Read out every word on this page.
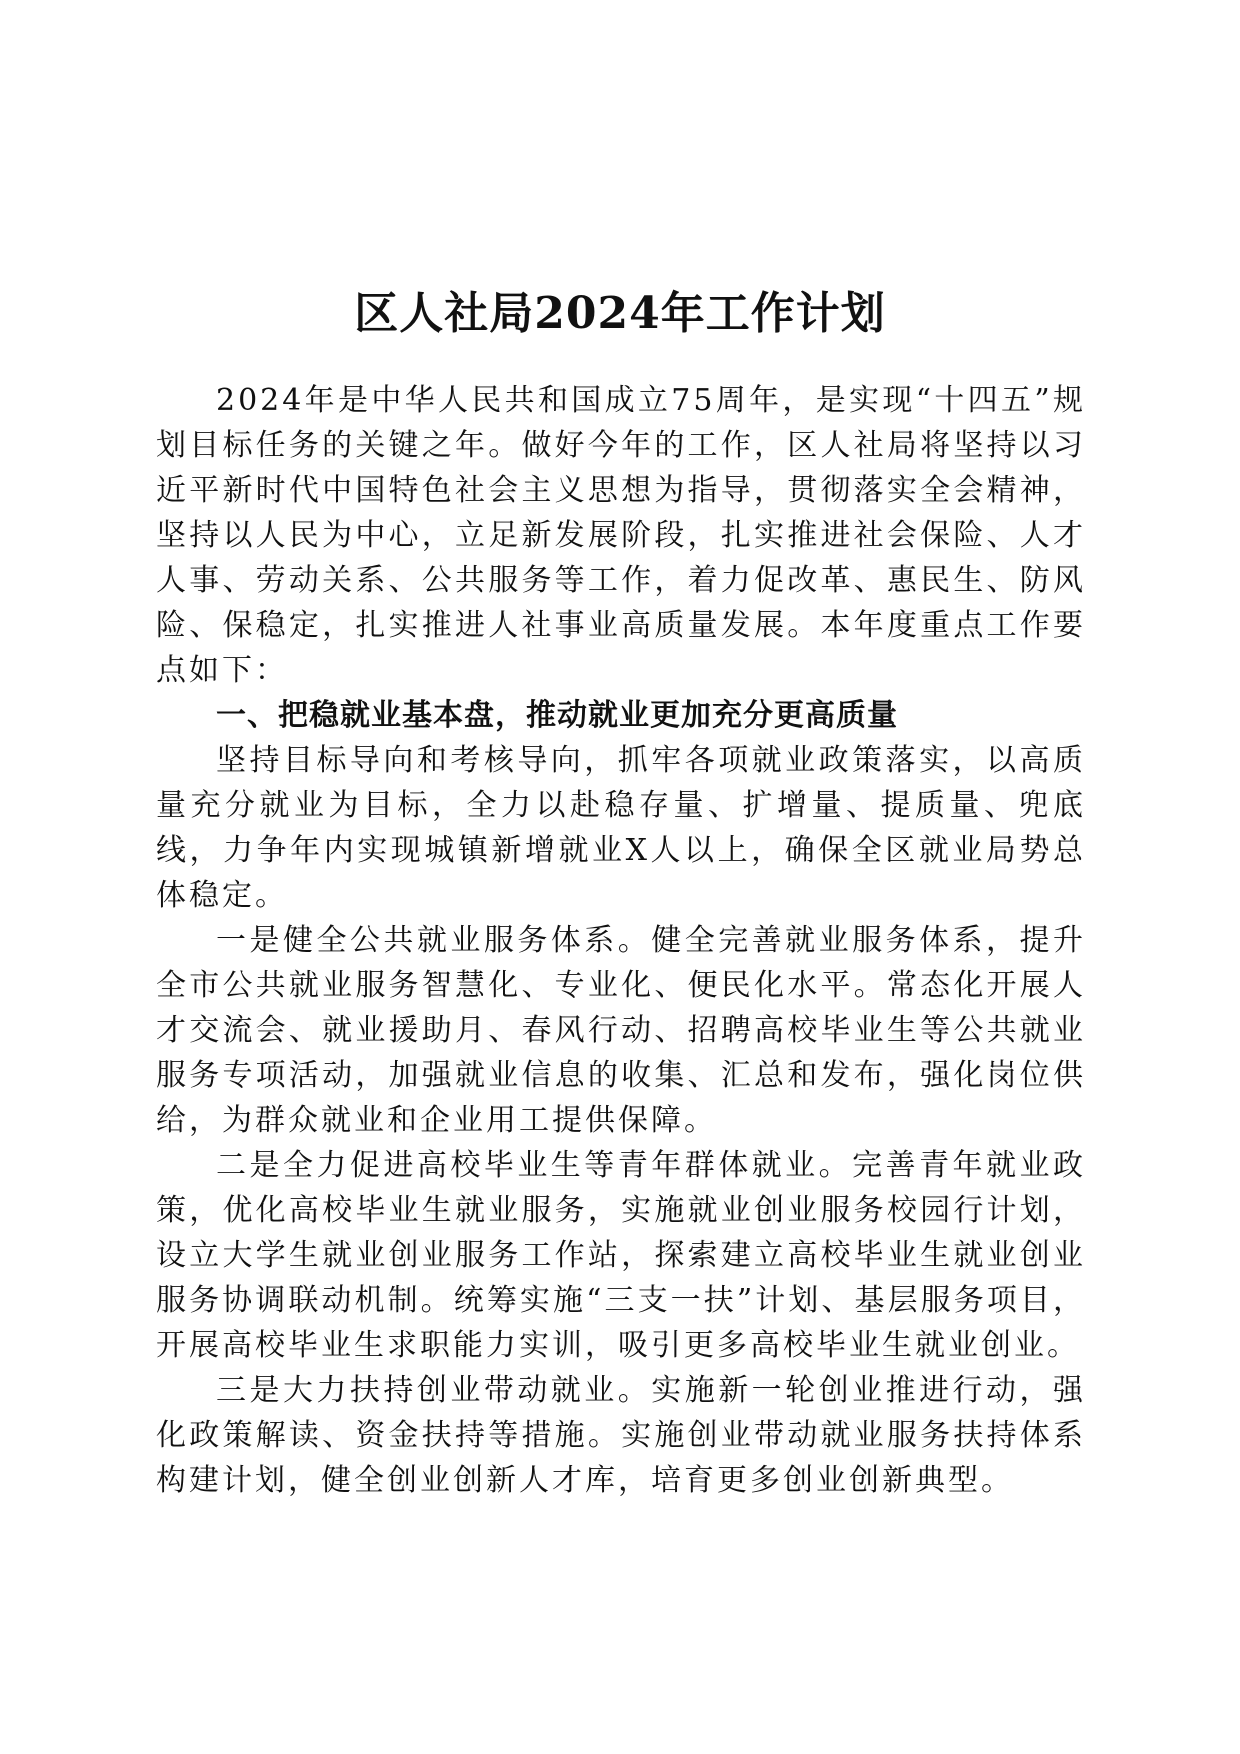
区人社局2024年工作计划

2024年是中华人民共和国成立75周年，是实现“十四五”规划目标任务的关键之年。做好今年的工作，区人社局将坚持以习近平新时代中国特色社会主义思想为指导，贯彻落实全会精神，坚持以人民为中心，立足新发展阶段，扎实推进社会保险、人才人事、劳动关系、公共服务等工作，着力促改革、惠民生、防风险、保稳定，扎实推进人社事业高质量发展。本年度重点工作要点如下：

一、把稳就业基本盘，推动就业更加充分更高质量

坚持目标导向和考核导向，抓牢各项就业政策落实，以高质量充分就业为目标，全力以赴稳存量、扩增量、提质量、兜底线，力争年内实现城镇新增就业X人以上，确保全区就业局势总体稳定。

一是健全公共就业服务体系。健全完善就业服务体系，提升全市公共就业服务智慧化、专业化、便民化水平。常态化开展人才交流会、就业援助月、春风行动、招聘高校毕业生等公共就业服务专项活动，加强就业信息的收集、汇总和发布，强化岗位供给，为群众就业和企业用工提供保障。

二是全力促进高校毕业生等青年群体就业。完善青年就业政策，优化高校毕业生就业服务，实施就业创业服务校园行计划，设立大学生就业创业服务工作站，探索建立高校毕业生就业创业服务协调联动机制。统筹实施“三支一扶”计划、基层服务项目，开展高校毕业生求职能力实训，吸引更多高校毕业生就业创业。

三是大力扶持创业带动就业。实施新一轮创业推进行动，强化政策解读、资金扶持等措施。实施创业带动就业服务扶持体系构建计划，健全创业创新人才库，培育更多创业创新典型。
